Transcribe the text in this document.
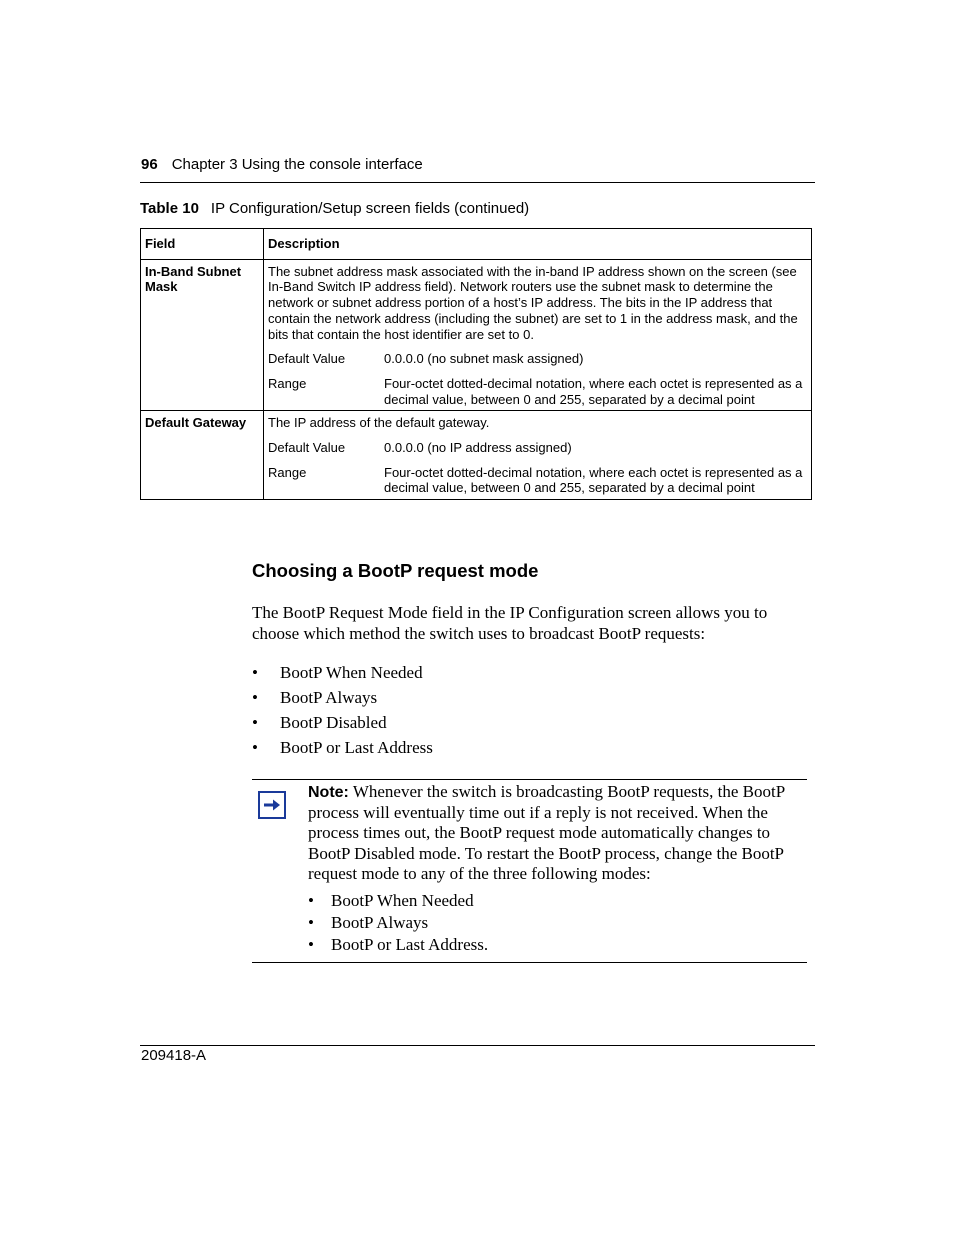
96 Chapter 3 Using the console interface
Table 10 IP Configuration/Setup screen fields (continued)
Field	Description
In-Band Subnet Mask	The subnet address mask associated with the in-band IP address shown on the screen (see In-Band Switch IP address field). Network routers use the subnet mask to determine the network or subnet address portion of a host’s IP address. The bits in the IP address that contain the network address (including the subnet) are set to 1 in the address mask, and the bits that contain the host identifier are set to 0.
Default Value 0.0.0.0 (no subnet mask assigned)
Range Four-octet dotted-decimal notation, where each octet is represented as a decimal value, between 0 and 255, separated by a decimal point

Default Gateway	The IP address of the default gateway.
Default Value 0.0.0.0 (no IP address assigned)
Range Four-octet dotted-decimal notation, where each octet is represented as a decimal value, between 0 and 255, separated by a decimal point
Choosing a BootP request mode
The BootP Request Mode field in the IP Configuration screen allows you to choose which method the switch uses to broadcast BootP requests:
•	BootP When Needed
•	BootP Always
•	BootP Disabled
•	BootP or Last Address
Note: Whenever the switch is broadcasting BootP requests, the BootP process will eventually time out if a reply is not received. When the process times out, the BootP request mode automatically changes to BootP Disabled mode. To restart the BootP process, change the BootP request mode to any of the three following modes:
•	BootP When Needed
•	BootP Always
•	BootP or Last Address.
209418-A
